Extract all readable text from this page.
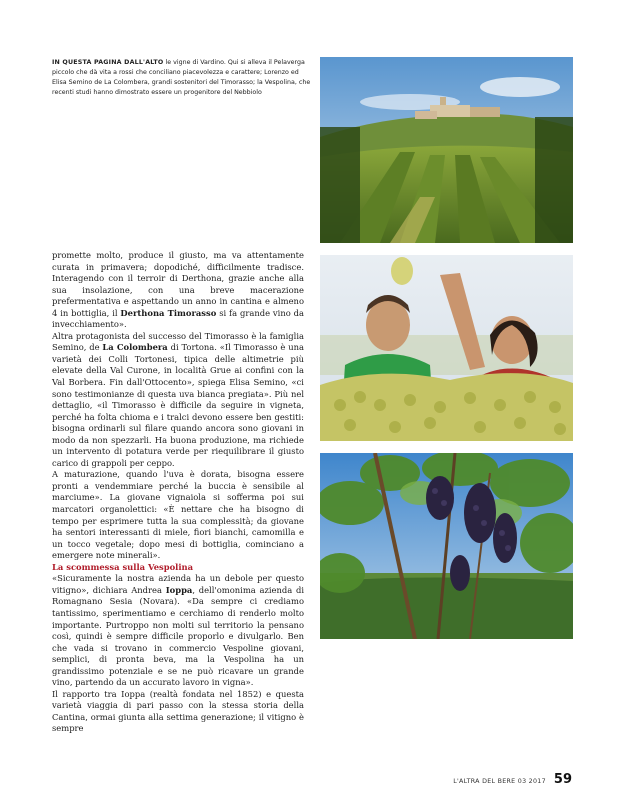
IN QUESTA PAGINA DALL'ALTO le vigne di Vardino. Qui si alleva il Pelaverga piccolo che dà vita a rossi che conciliano piacevolezza e carattere; Lorenzo ed Elisa Semino de La Colombera, grandi sostenitori del Timorasso; la Vespolina, che recenti studi hanno dimostrato essere un progenitore del Nebbiolo

promette molto, produce il giusto, ma va attentamente curata in primavera; dopodiché, difficilmente tradisce. Interagendo con il terroir di Derthona, grazie anche alla sua insolazione, con una breve macerazione prefermentativa e aspettando un anno in cantina e almeno 4 in bottiglia, il Derthona Timorasso si fa grande vino da invecchiamento».

Altra protagonista del successo del Timorasso è la famiglia Semino, de La Colombera di Tortona. «Il Timorasso è una varietà dei Colli Tortonesi, tipica delle altimetrie più elevate della Val Curone, in località Grue ai confini con la Val Borbera. Fin dall'Ottocento», spiega Elisa Semino, «ci sono testimonianze di questa uva bianca pregiata». Più nel dettaglio, «il Timorasso è difficile da seguire in vigneta, perché ha folta chioma e i tralci devono essere ben gestiti: bisogna ordinarli sul filare quando ancora sono giovani in modo da non spezzarli. Ha buona produzione, ma richiede un intervento di potatura verde per riequilibrare il giusto carico di grappoli per ceppo.

A maturazione, quando l'uva è dorata, bisogna essere pronti a vendemmiare perché la buccia è sensibile al marciume». La giovane vignaiola si sofferma poi sui marcatori organolettici: «È nettare che ha bisogno di tempo per esprimere tutta la sua complessità; da giovane ha sentori interessanti di miele, fiori bianchi, camomilla e un tocco vegetale; dopo mesi di bottiglia, cominciano a emergere note minerali».

La scommessa sulla Vespolina

«Sicuramente la nostra azienda ha un debole per questo vitigno», dichiara Andrea Ioppa, dell'omonima azienda di Romagnano Sesia (Novara). «Da sempre ci crediamo tantissimo, sperimentiamo e cerchiamo di renderlo molto importante. Purtroppo non molti sul territorio la pensano così, quindi è sempre difficile proporlo e divulgarlo. Ben che vada si trovano in commercio Vespoline giovani, semplici, di pronta beva, ma la Vespolina ha un grandissimo potenziale e se ne può ricavare un grande vino, partendo da un accurato lavoro in vigna».

Il rapporto tra Ioppa (realtà fondata nel 1852) e questa varietà viaggia di pari passo con la stessa storia della Cantina, ormai giunta alla settima generazione; il vitigno è sempre

L'ALTRA DEL BERE 03 2017 59
